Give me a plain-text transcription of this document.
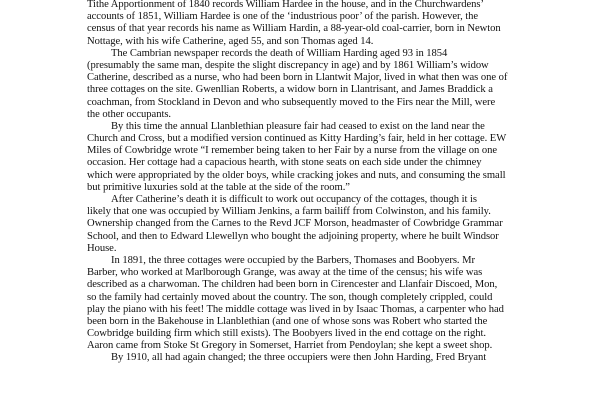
Tithe Apportionment of 1840 records William Hardee in the house, and in the Churchwardens’
accounts of 1851, William Hardee is one of the ‘industrious poor’ of the parish. However, the
census of that year records his name as William Hardin, a 88-year-old coal-carrier, born in Newton
Nottage, with his wife Catherine, aged 55, and son Thomas aged 14.
The Cambrian newspaper records the death of William Harding aged 93 in 1854
(presumably the same man, despite the slight discrepancy in age) and by 1861 William’s widow
Catherine, described as a nurse, who had been born in Llantwit Major, lived in what then was one of
three cottages on the site. Gwenllian Roberts, a widow born in Llantrisant, and James Braddick a
coachman, from Stockland in Devon and who subsequently moved to the Firs near the Mill, were
the other occupants.
By this time the annual Llanblethian pleasure fair had ceased to exist on the land near the
Church and Cross, but a modified version continued as Kitty Harding’s fair, held in her cottage. EW
Miles of Cowbridge wrote “I remember being taken to her Fair by a nurse from the village on one
occasion. Her cottage had a capacious hearth, with stone seats on each side under the chimney
which were appropriated by the older boys, while cracking jokes and nuts, and consuming the small
but primitive luxuries sold at the table at the side of the room.”
After Catherine’s death it is difficult to work out occupancy of the cottages, though it is
likely that one was occupied by William Jenkins, a farm bailiff from Colwinston, and his family.
Ownership changed from the Carnes to the Revd JCF Morson, headmaster of Cowbridge Grammar
School, and then to Edward Llewellyn who bought the adjoining property, where he built Windsor
House.
In 1891, the three cottages were occupied by the Barbers, Thomases and Boobyers. Mr
Barber, who worked at Marlborough Grange, was away at the time of the census; his wife was
described as a charwoman. The children had been born in Cirencester and Llanfair Discoed, Mon,
so the family had certainly moved about the country. The son, though completely crippled, could
play the piano with his feet! The middle cottage was lived in by Isaac Thomas, a carpenter who had
been born in the Bakehouse in Llanblethian (and one of whose sons was Robert who started the
Cowbridge building firm which still exists). The Boobyers lived in the end cottage on the right.
Aaron came from Stoke St Gregory in Somerset, Harriet from Pendoylan; she kept a sweet shop.
By 1910, all had again changed; the three occupiers were then John Harding, Fred Bryant
